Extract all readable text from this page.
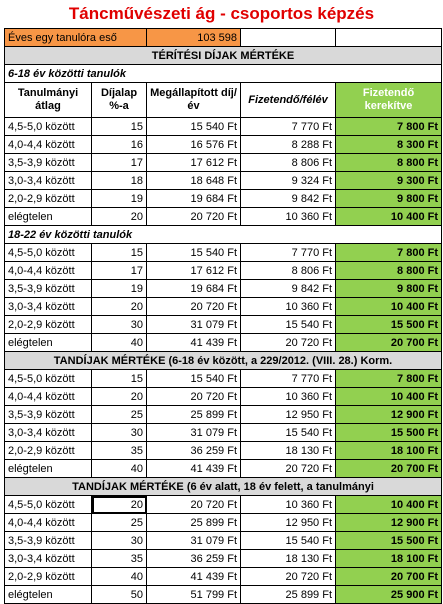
Táncművészeti ág - csoportos képzés
Éves egy tanulóra eső		103 598		
TÉRÍTÉSI DÍJAK MÉRTÉKE				
6-18 év közötti tanulók				
Tanulmányi átlag	Díjalap %-a	Megállapított díj/év	Fizetendő/félév	Fizetendő kerekítve
4,5-5,0 között	15	15 540 Ft	7 770 Ft	7 800 Ft
4,0-4,4 között	16	16 576 Ft	8 288 Ft	8 300 Ft
3,5-3,9 között	17	17 612 Ft	8 806 Ft	8 800 Ft
3,0-3,4 között	18	18 648 Ft	9 324 Ft	9 300 Ft
2,0-2,9 között	19	19 684 Ft	9 842 Ft	9 800 Ft
elégtelen	20	20 720 Ft	10 360 Ft	10 400 Ft
18-22 év közötti tanulók				
4,5-5,0 között	15	15 540 Ft	7 770 Ft	7 800 Ft
4,0-4,4 között	17	17 612 Ft	8 806 Ft	8 800 Ft
3,5-3,9 között	19	19 684 Ft	9 842 Ft	9 800 Ft
3,0-3,4 között	20	20 720 Ft	10 360 Ft	10 400 Ft
2,0-2,9 között	30	31 079 Ft	15 540 Ft	15 500 Ft
elégtelen	40	41 439 Ft	20 720 Ft	20 700 Ft
TANDÍJAK MÉRTÉKE (6-18 év között, a 229/2012. (VIII. 28.) Korm.				
4,5-5,0 között	15	15 540 Ft	7 770 Ft	7 800 Ft
4,0-4,4 között	20	20 720 Ft	10 360 Ft	10 400 Ft
3,5-3,9 között	25	25 899 Ft	12 950 Ft	12 900 Ft
3,0-3,4 között	30	31 079 Ft	15 540 Ft	15 500 Ft
2,0-2,9 között	35	36 259 Ft	18 130 Ft	18 100 Ft
elégtelen	40	41 439 Ft	20 720 Ft	20 700 Ft
TANDÍJAK MÉRTÉKE (6 év alatt, 18 év felett, a tanulmányi				
4,5-5,0 között	20	20 720 Ft	10 360 Ft	10 400 Ft
4,0-4,4 között	25	25 899 Ft	12 950 Ft	12 900 Ft
3,5-3,9 között	30	31 079 Ft	15 540 Ft	15 500 Ft
3,0-3,4 között	35	36 259 Ft	18 130 Ft	18 100 Ft
2,0-2,9 között	40	41 439 Ft	20 720 Ft	20 700 Ft
elégtelen	50	51 799 Ft	25 899 Ft	25 900 Ft
